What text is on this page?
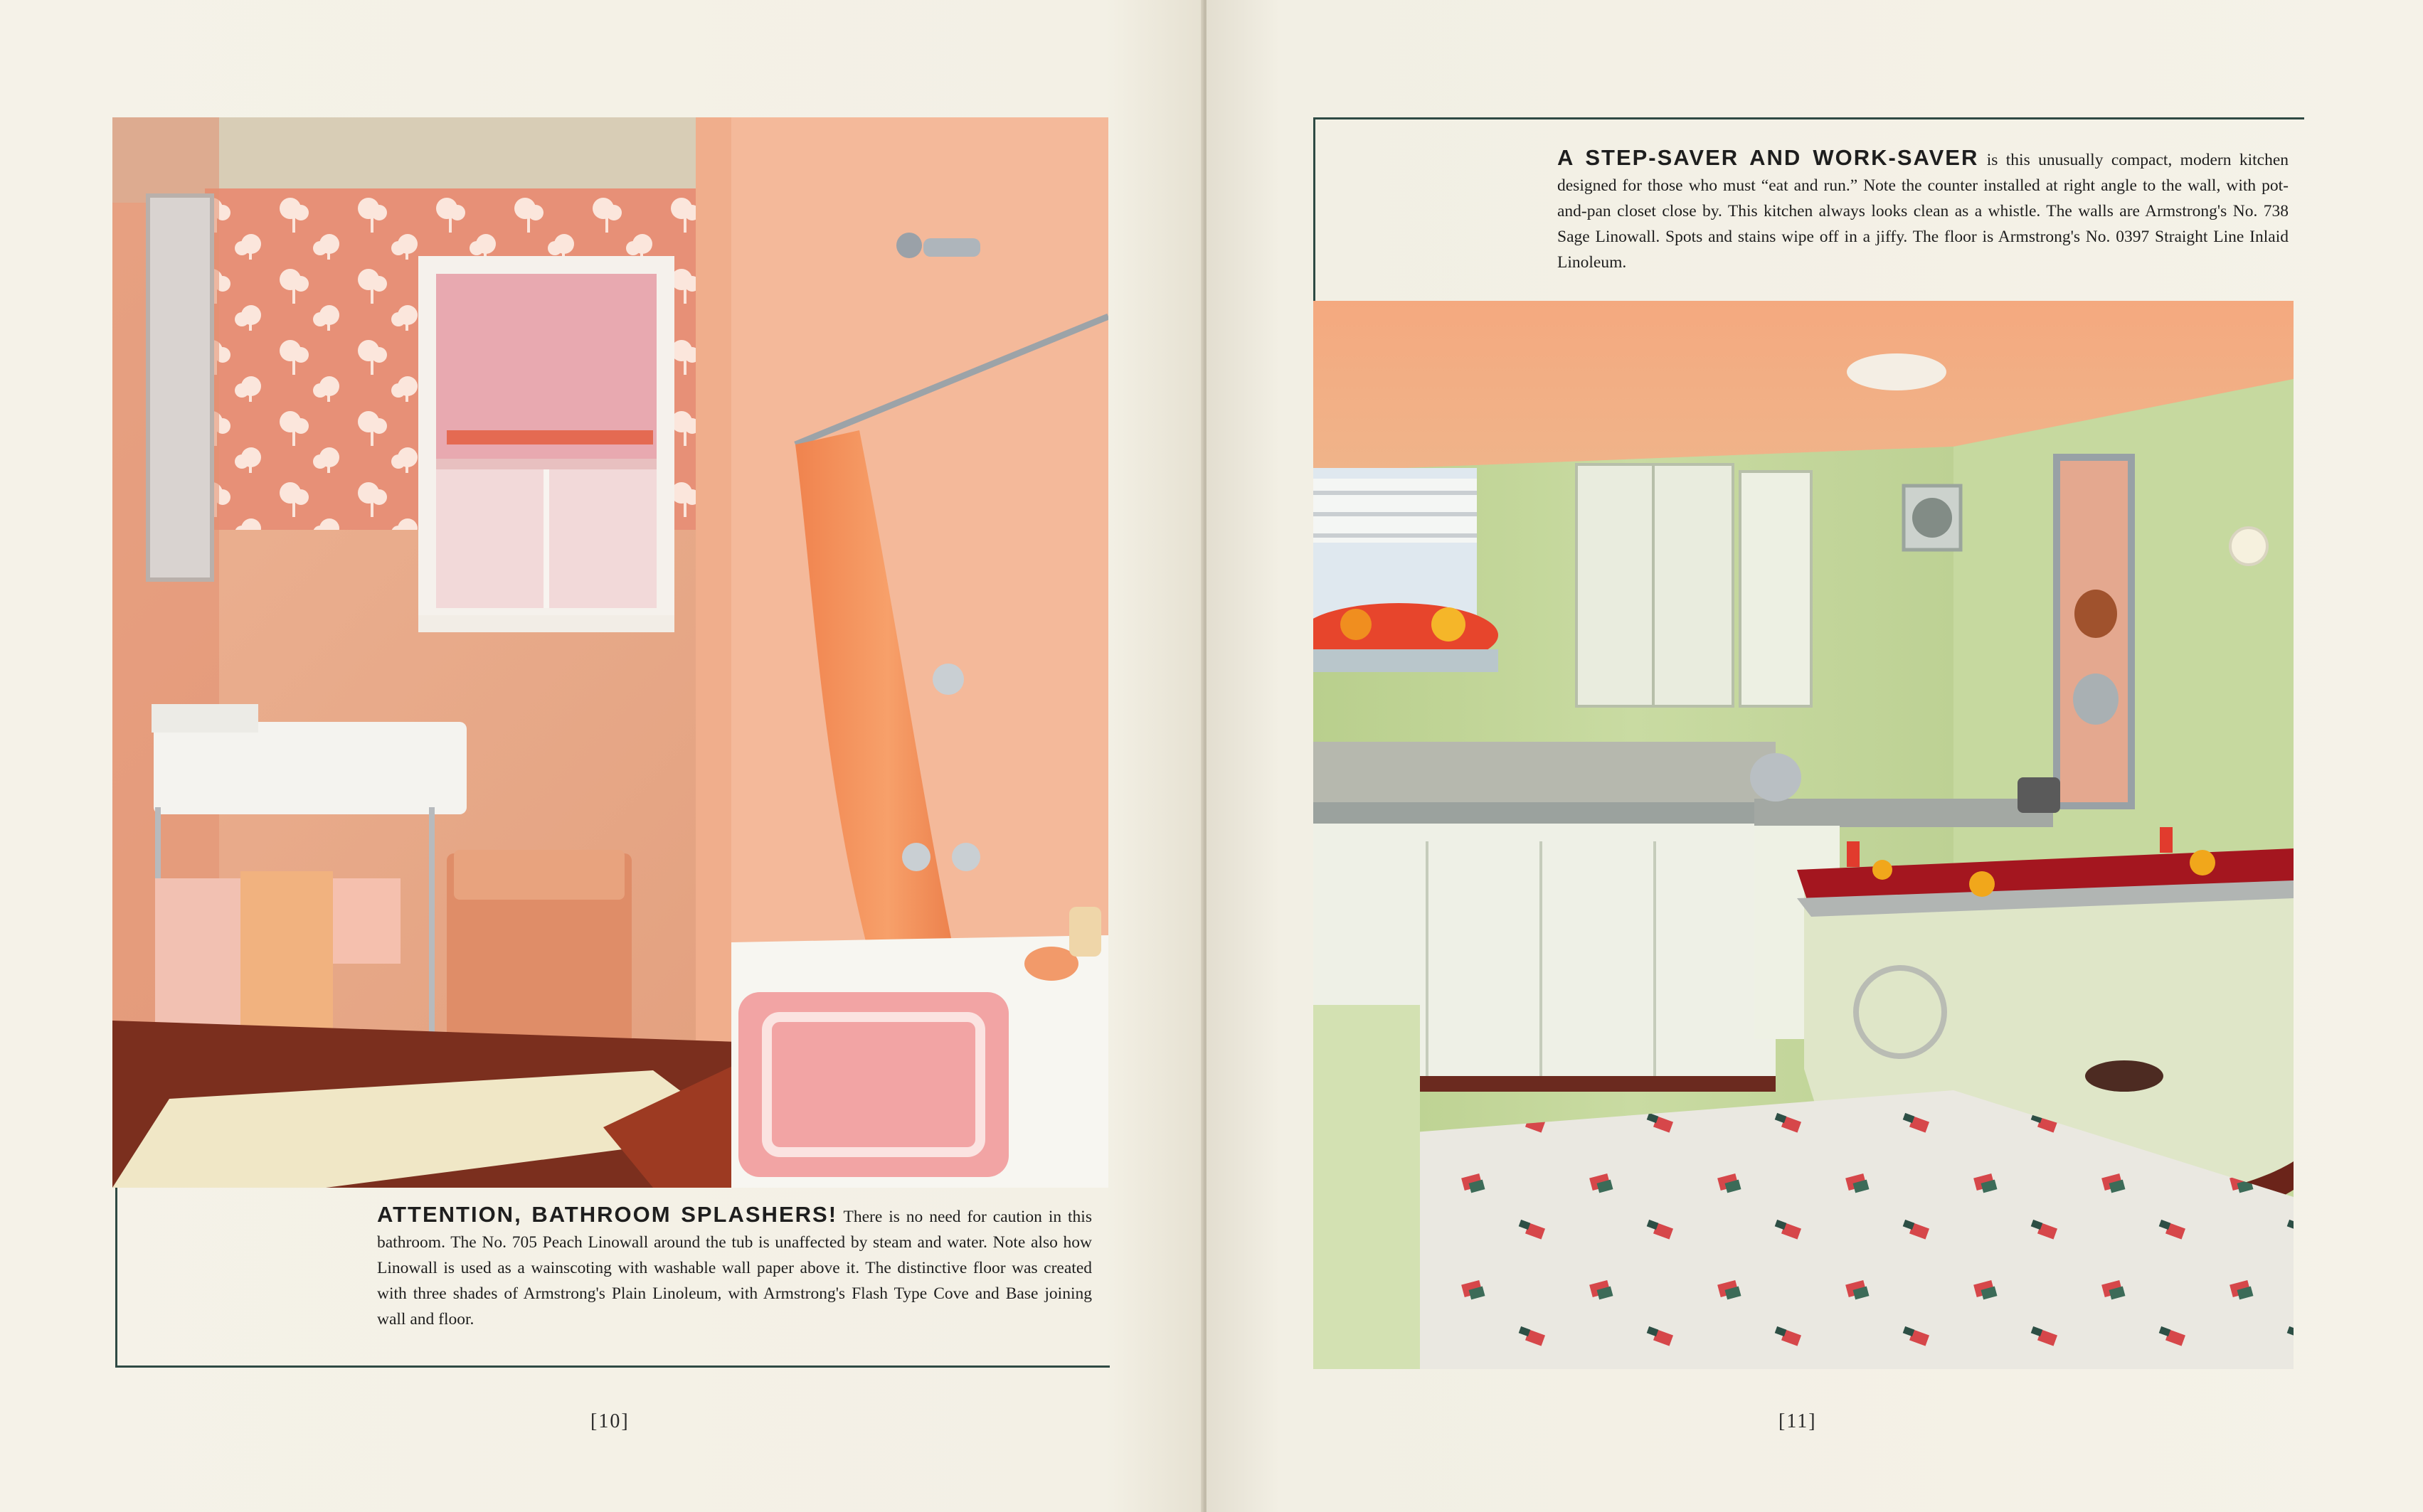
ATTENTION, BATHROOM SPLASHERS! There is no need for caution in this bathroom. The No. 705 Peach Linowall around the tub is unaffected by steam and water. Note also how Linowall is used as a wainscoting with washable wall paper above it. The distinctive floor was created with three shades of Armstrong's Plain Linoleum, with Armstrong's Flash Type Cove and Base joining wall and floor.
[10]
A STEP-SAVER AND WORK-SAVER is this unusually compact, modern kitchen designed for those who must “eat and run.” Note the counter installed at right angle to the wall, with pot-and-pan closet close by. This kitchen always looks clean as a whistle. The walls are Armstrong's No. 738 Sage Linowall. Spots and stains wipe off in a jiffy. The floor is Armstrong's No. 0397 Straight Line Inlaid Linoleum.
[11]
